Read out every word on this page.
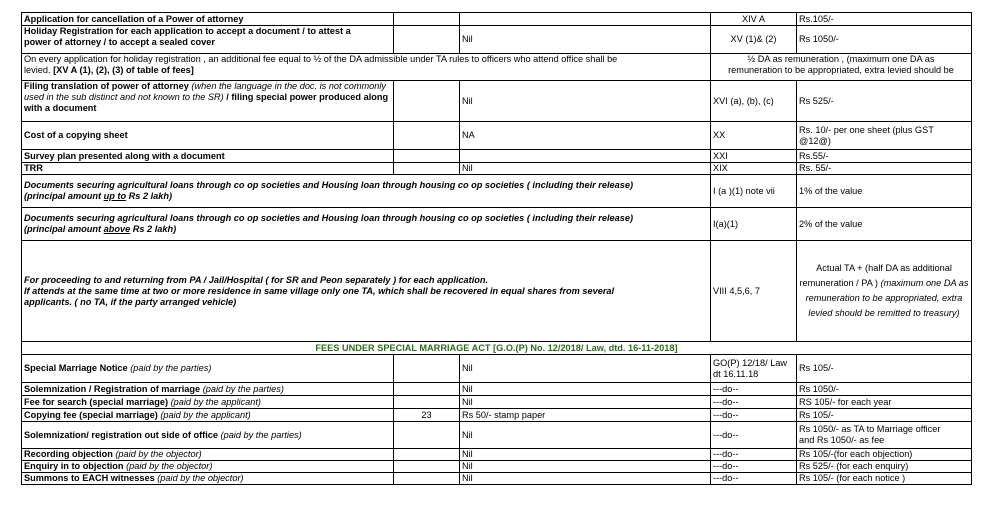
Application for cancellation of a Power of attorney			XIV A	Rs.105/-
Holiday Registration for each application to accept a document / to attest a
power of attorney / to accept a sealed cover		Nil	XV (1)& (2)	Rs 1050/-
On every application for holiday registration , an additional fee equal to ½ of the DA admissible under TA rules to officers who attend office shall be
levied. [XV A (1), (2), (3) of table of fees]			½ DA as remuneration , (maximum one DA as
remuneration to be appropriated, extra levied should be	
Filing translation of power of attorney (when the language in the doc. is not commonly used in the sub distinct and not known to the SR) / filing special power produced along with a document		Nil	XVI (a), (b), (c)	Rs 525/-
Cost of a copying sheet		NA	XX	Rs. 10/- per one sheet (plus GST
@12@)
Survey plan presented along with a document			XXI	Rs.55/-
TRR		Nil	XIX	Rs. 55/-
Documents securing agricultural loans through co op societies and Housing loan through housing co op societies ( including their release)
(principal amount up to Rs 2 lakh)			I (a )(1) note vii	1% of the value
Documents securing agricultural loans through co op societies and Housing loan through housing co op societies ( including their release)
(principal amount above Rs 2 lakh)			I(a)(1)	2% of the value
For proceeding to and returning from PA / Jail/Hospital ( for SR and Peon separately ) for each application.
If attends at the same time at two or more residence in same village only one TA, which shall be recovered in equal shares from several
applicants. ( no TA, if the party arranged vehicle)			VIII 4,5,6, 7	Actual TA + (half DA as additional remuneration / PA ) (maximum one DA as remuneration to be appropriated, extra levied should be remitted to treasury)
FEES UNDER SPECIAL MARRIAGE ACT [G.O.(P) No. 12/2018/ Law, dtd. 16-11-2018]				
Special Marriage Notice (paid by the parties)		Nil	GO(P) 12/18/ Law
dt 16.11.18	Rs 105/-
Solemnization / Registration of marriage (paid by the parties)		Nil	---do--	Rs 1050/-
Fee for search (special marriage) (paid by the applicant)		Nil	---do--	RS 105/- for each year
Copying fee (special marriage) (paid by the applicant)	23	Rs 50/- stamp paper	---do--	Rs 105/-
Solemnization/ registration out side of office (paid by the parties)		Nil	---do--	Rs 1050/- as TA to Marriage officer
and Rs 1050/- as fee
Recording objection (paid by the objector)		Nil	---do--	Rs 105/-(for each objection)
Enquiry in to objection (paid by the objector)		Nil	---do--	Rs 525/- (for each enquiry)
Summons to EACH witnesses (paid by the objector)		Nil	---do--	Rs 105/- (for each notice )
